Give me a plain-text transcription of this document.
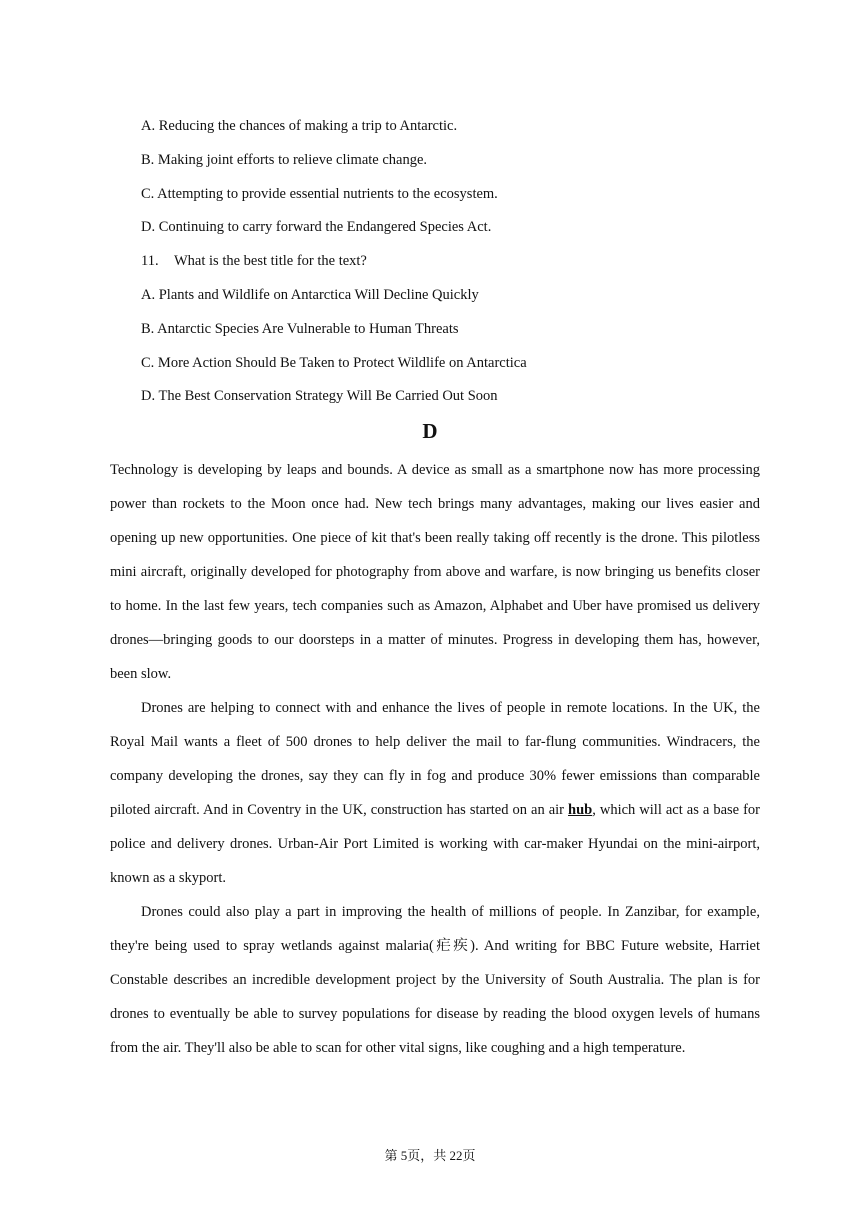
A. Reducing the chances of making a trip to Antarctic.
B. Making joint efforts to relieve climate change.
C. Attempting to provide essential nutrients to the ecosystem.
D. Continuing to carry forward the Endangered Species Act.
11. What is the best title for the text?
A. Plants and Wildlife on Antarctica Will Decline Quickly
B. Antarctic Species Are Vulnerable to Human Threats
C. More Action Should Be Taken to Protect Wildlife on Antarctica
D. The Best Conservation Strategy Will Be Carried Out Soon
D

Technology is developing by leaps and bounds. A device as small as a smartphone now has more processing power than rockets to the Moon once had. New tech brings many advantages, making our lives easier and opening up new opportunities. One piece of kit that's been really taking off recently is the drone. This pilotless mini aircraft, originally developed for photography from above and warfare, is now bringing us benefits closer to home. In the last few years, tech companies such as Amazon, Alphabet and Uber have promised us delivery drones—bringing goods to our doorsteps in a matter of minutes. Progress in developing them has, however, been slow.

Drones are helping to connect with and enhance the lives of people in remote locations. In the UK, the Royal Mail wants a fleet of 500 drones to help deliver the mail to far-flung communities. Windracers, the company developing the drones, say they can fly in fog and produce 30% fewer emissions than comparable piloted aircraft. And in Coventry in the UK, construction has started on an air hub, which will act as a base for police and delivery drones. Urban-Air Port Limited is working with car-maker Hyundai on the mini-airport, known as a skyport.

Drones could also play a part in improving the health of millions of people. In Zanzibar, for example, they're being used to spray wetlands against malaria(疟疾). And writing for BBC Future website, Harriet Constable describes an incredible development project by the University of South Australia. The plan is for drones to eventually be able to survey populations for disease by reading the blood oxygen levels of humans from the air. They'll also be able to scan for other vital signs, like coughing and a high temperature.

第 5页，共 22页
